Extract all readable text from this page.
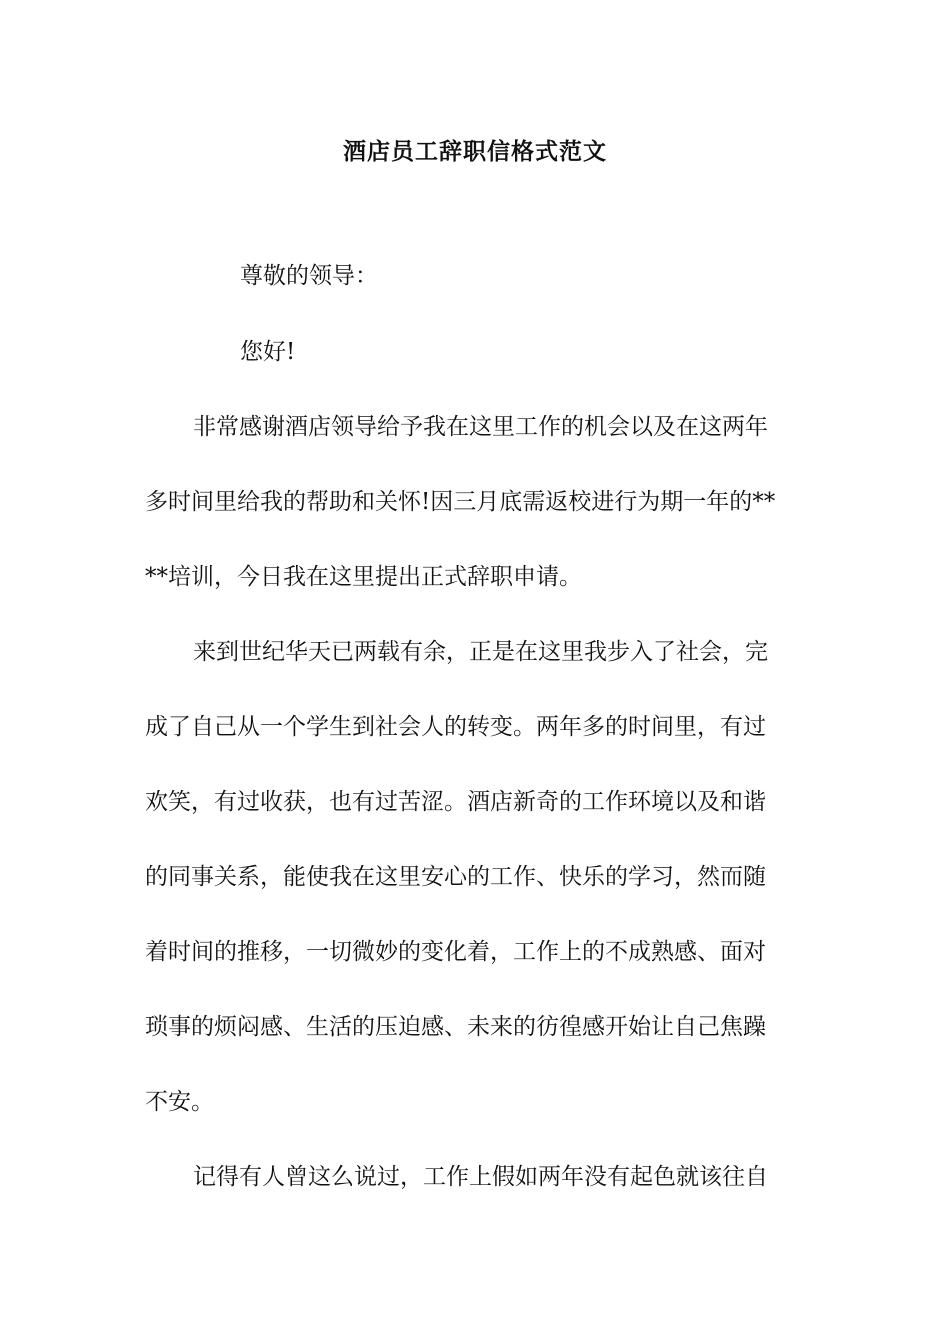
酒店员工辞职信格式范文
尊敬的领导：
您好!
非常感谢酒店领导给予我在这里工作的机会以及在这两年
多时间里给我的帮助和关怀!因三月底需返校进行为期一年的**
**培训，今日我在这里提出正式辞职申请。
来到世纪华天已两载有余，正是在这里我步入了社会，完
成了自己从一个学生到社会人的转变。两年多的时间里，有过
欢笑，有过收获，也有过苦涩。酒店新奇的工作环境以及和谐
的同事关系，能使我在这里安心的工作、快乐的学习，然而随
着时间的推移，一切微妙的变化着，工作上的不成熟感、面对
琐事的烦闷感、生活的压迫感、未来的彷徨感开始让自己焦躁
不安。
记得有人曾这么说过，工作上假如两年没有起色就该往自
